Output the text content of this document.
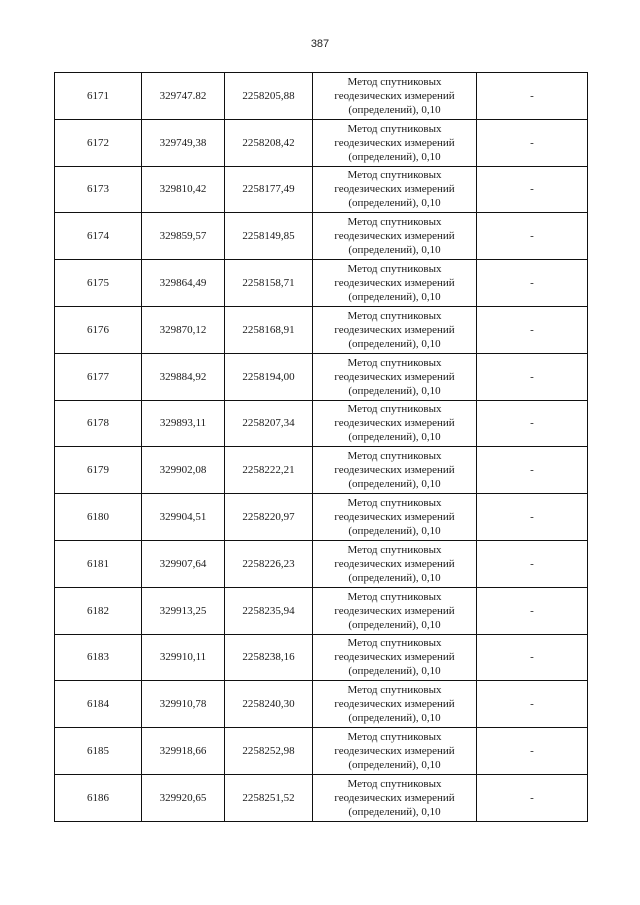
387
6171	329747.82	2258205,88	Метод спутниковых
геодезических измерений
(определений), 0,10	-
6172	329749,38	2258208,42	Метод спутниковых
геодезических измерений
(определений), 0,10	-
6173	329810,42	2258177,49	Метод спутниковых
геодезических измерений
(определений), 0,10	-
6174	329859,57	2258149,85	Метод спутниковых
геодезических измерений
(определений), 0,10	-
6175	329864,49	2258158,71	Метод спутниковых
геодезических измерений
(определений), 0,10	-
6176	329870,12	2258168,91	Метод спутниковых
геодезических измерений
(определений), 0,10	-
6177	329884,92	2258194,00	Метод спутниковых
геодезических измерений
(определений), 0,10	-
6178	329893,11	2258207,34	Метод спутниковых
геодезических измерений
(определений), 0,10	-
6179	329902,08	2258222,21	Метод спутниковых
геодезических измерений
(определений), 0,10	-
6180	329904,51	2258220,97	Метод спутниковых
геодезических измерений
(определений), 0,10	-
6181	329907,64	2258226,23	Метод спутниковых
геодезических измерений
(определений), 0,10	-
6182	329913,25	2258235,94	Метод спутниковых
геодезических измерений
(определений), 0,10	-
6183	329910,11	2258238,16	Метод спутниковых
геодезических измерений
(определений), 0,10	-
6184	329910,78	2258240,30	Метод спутниковых
геодезических измерений
(определений), 0,10	-
6185	329918,66	2258252,98	Метод спутниковых
геодезических измерений
(определений), 0,10	-
6186	329920,65	2258251,52	Метод спутниковых
геодезических измерений
(определений), 0,10	-
